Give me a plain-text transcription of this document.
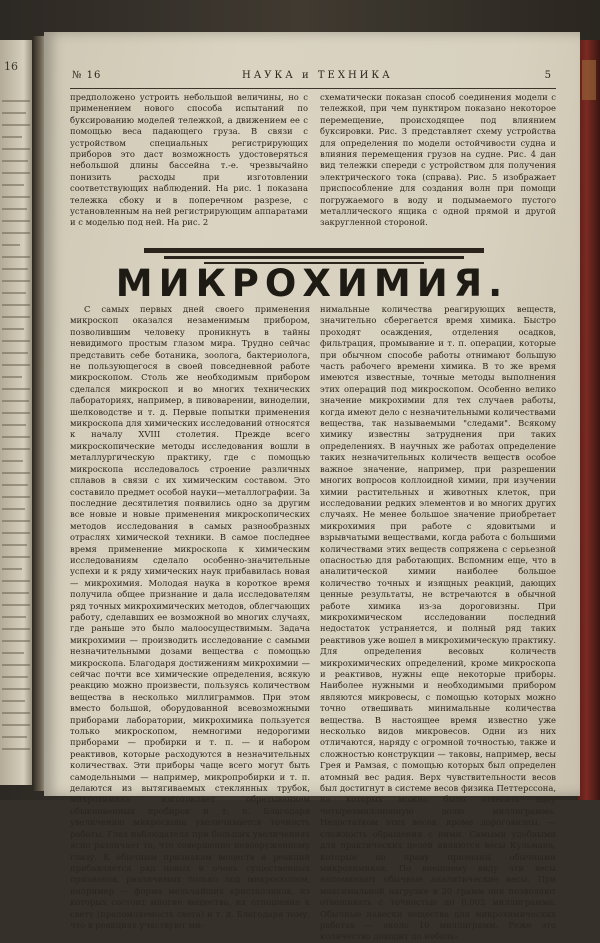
16
№ 16	НАУКА и ТЕХНИКА	5

предположено устроить небольшой величины, но с применением нового способа испытаний по буксированию моделей тележкой, а движением ее с помощью веса падающего груза. В связи с устройством специальных регистрирующих приборов это даст возможность удостоверяться небольшой длины бассейна т.-е. чрезвычайно понизить расходы при изготовлении соответствующих наблюдений. На рис. 1 показана тележка сбоку и в поперечном разрезе, с установленным на ней регистрирующим аппаратами и с моделью под ней. На рис. 2

схематически показан способ соединения модели с тележкой, при чем пунктиром показано некоторое перемещение, происходящее под влиянием буксировки. Рис. 3 представляет схему устройства для определения по модели остойчивости судна и влияния перемещения грузов на судне. Рис. 4 дан вид тележки спереди с устройством для получения электрического тока (справа). Рис. 5 изображает приспособление для создания волн при помощи погружаемого в воду и подымаемого пустого металлического ящика с одной прямой и другой закругленной стороной.

МИКРОХИМИЯ.

С самых первых дней своего применения микроскоп оказался незаменимым прибором, позволившим человеку проникнуть в тайны невидимого простым глазом мира. Трудно сейчас представить себе ботаника, зоолога, бактериолога, не пользующегося в своей повседневной работе микроскопом. Столь же необходимым прибором сделался микроскоп и во многих технических лабораториях, например, в пивоварении, виноделии, шелководстве и т. д. Первые попытки применения микроскопа для химических исследований относятся к началу XVIII столетия. Прежде всего микроскопические методы исследования вошли в металлургическую практику, где с помощью микроскопа исследовалось строение различных сплавов в связи с их химическим составом. Это составило предмет особой науки—металлографии. За последние десятилетия появились одно за другим все новые и новые применения микроскопических методов исследования в самых разнообразных отраслях химической техники. В самое последнее время применение микроскопа к химическим исследованиям сделало особенно-значительные успехи и к ряду химических наук прибавилась новая — микрохимия. Молодая наука в короткое время получила общее признание и дала исследователям ряд точных микрохимических методов, облегчающих работу, сделавших ее возможной во многих случаях, где раньше это было малоосуществимым. Задача микрохимии — производить исследование с самыми незначительными дозами вещества с помощью микроскопа. Благодаря достижениям микрохимии — сейчас почти все химические определения, всякую реакцию можно произвести, пользуясь количеством вещества в несколько миллиграммов. При этом вместо большой, оборудованной всевозможными приборами лаборатории, микрохимика пользуется только микроскопом, немногими недорогими приборами — пробирки и т. п. — и набором реактивов, которые расходуются в незначительных количествах. Эти приборы чаще всего могут быть самодельными — например, микропробирки и т. п. делаются из вытягиваемых стеклянных трубок, микрохимика изготовляет обрезыванием обыкновенных пробирок и т. п. Благодаря увеличению микроскопа увеличивается точность работы. Глаз наблюдателя при больших увеличениях ясно различает то, что совершенно невооруженному глазу. К обычным признакам веществ и реакций прибавляется ряд новых и очень существенных признаков, различимых только под микроскопом, например — форма мельчайших кристалликов, из которых состоит многие вещества, их отношение к свету (преломляемость света) и т. д. Благодаря тому, что в реакциях участвуют ми-

нимальные количества реагирующих веществ, значительно сберегается время химика. Быстро проходят осаждения, отделения осадков, фильтрация, промывание и т. п. операции, которые при обычном способе работы отнимают большую часть рабочего времени химика. В то же время имеются известные, точные методы выполнения этих операций под микроскопом. Особенно велико значение микрохимии для тех случаев работы, когда имеют дело с незначительными количествами вещества, так называемыми "следами". Всякому химику известны затруднения при таких определениях. В научных же работах определение таких незначительных количеств веществ особое важное значение, например, при разрешении многих вопросов коллоидной химии, при изучении химии растительных и животных клеток, при исследовании редких элементов и во многих других случаях. Не менее большое значение приобретает микрохимия при работе с ядовитыми и взрывчатыми веществами, когда работа с большими количествами этих веществ сопряжена с серьезной опасностью для работающих. Вспомним еще, что в аналитической химии наиболее большое количество точных и изящных реакций, дающих ценные результаты, не встречаются в обычной работе химика из-за дороговизны. При микрохимическом исследовании последний недостаток устраняется, и полный ряд таких реактивов уже вошел в микрохимическую практику. Для определения весовых количеств микрохимических определений, кроме микроскопа и реактивов, нужны еще некоторые приборы. Наиболее нужными и необходимыми прибором являются микровесы, с помощью которых можно точно отвешивать минимальные количества вещества. В настоящее время известно уже несколько видов микровесов. Одни из них отличаются, наряду с огромной точностью, также и сложностью конструкции — таковы, например, весы Грея и Рамзая, с помощью которых был определен атомный вес радия. Верх чувствительности весов был достигнут в системе весов физика Петтерссона, на которых можно было отвесить одну четырехмиллионную долю миллиграмма. Недостатком этих весов, кроме дороговизны, — сложность обращения с ними. Самыми удобными для практических целей являются весы Кульмана, которые по праву признаны обычными микрохимиков. По внешнему виду эти весы напоминают обычные аналитические весы. При максимальной нагрузке в 20 грамм они позволяют отвешивать с точностью до 0,002 миллиграмма. Обычные навески вещества для микрохимических работах — около 10 миллиграмм. Реже это количество доходит до неболь-
